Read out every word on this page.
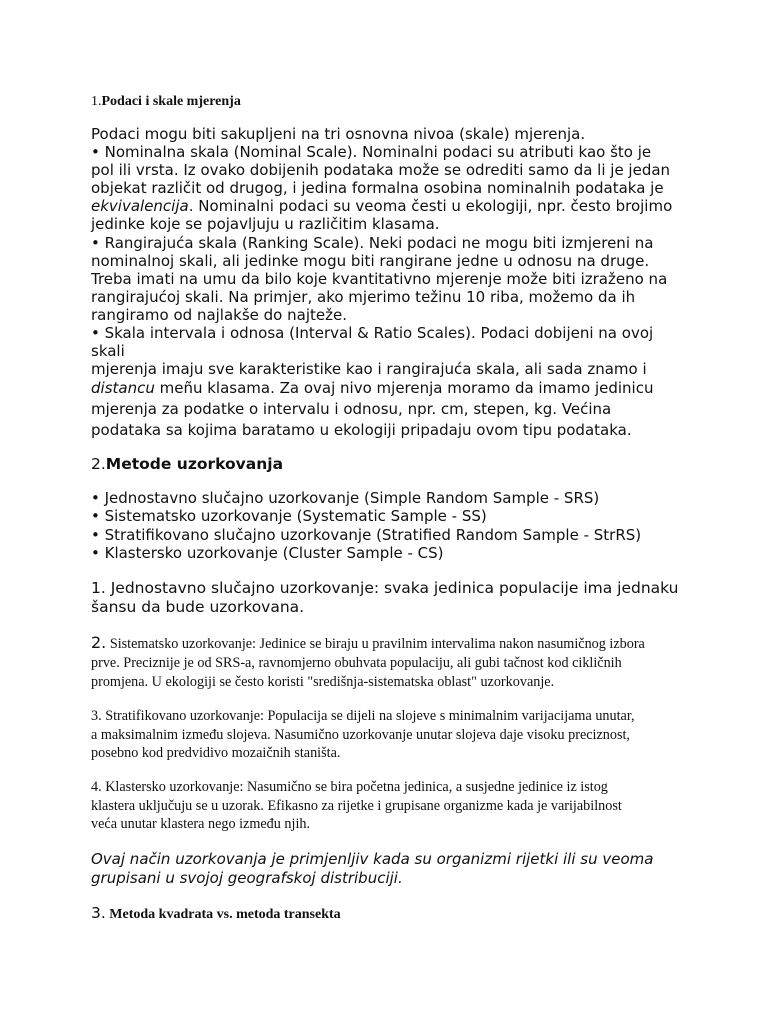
1.Podaci i skale mjerenja

Podaci mogu biti sakupljeni na tri osnovna nivoa (skale) mjerenja.
• Nominalna skala (Nominal Scale). Nominalni podaci su atributi kao što je
pol ili vrsta. Iz ovako dobijenih podataka može se odrediti samo da li je jedan
objekat različit od drugog, i jedina formalna osobina nominalnih podataka je
ekvivalencija. Nominalni podaci su veoma česti u ekologiji, npr. često brojimo
jedinke koje se pojavljuju u različitim klasama.
• Rangirajuća skala (Ranking Scale). Neki podaci ne mogu biti izmjereni na
nominalnoj skali, ali jedinke mogu biti rangirane jedne u odnosu na druge.
Treba imati na umu da bilo koje kvantitativno mjerenje može biti izraženo na
rangirajućoj skali. Na primjer, ako mjerimo težinu 10 riba, možemo da ih
rangiramo od najlakše do najteže.
• Skala intervala i odnosa (Interval & Ratio Scales). Podaci dobijeni na ovoj
skali
mjerenja imaju sve karakteristike kao i rangirajuća skala, ali sada znamo i
distancu meñu klasama. Za ovaj nivo mjerenja moramo da imamo jedinicu
mjerenja za podatke o intervalu i odnosu, npr. cm, stepen, kg. Većina
podataka sa kojima baratamo u ekologiji pripadaju ovom tipu podataka.

2.Metode uzorkovanja

• Jednostavno slučajno uzorkovanje (Simple Random Sample - SRS)
• Sistematsko uzorkovanje (Systematic Sample - SS)
• Stratifikovano slučajno uzorkovanje (Stratified Random Sample - StrRS)
• Klastersko uzorkovanje (Cluster Sample - CS)
1. Jednostavno slučajno uzorkovanje: svaka jedinica populacije ima jednaku
šansu da bude uzorkovana.
2. Sistematsko uzorkovanje: Jedinice se biraju u pravilnim intervalima nakon nasumičnog izbora
prve. Preciznije je od SRS-a, ravnomjerno obuhvata populaciju, ali gubi tačnost kod cikličnih
promjena. U ekologiji se često koristi "središnja-sistematska oblast" uzorkovanje.
3. Stratifikovano uzorkovanje: Populacija se dijeli na slojeve s minimalnim varijacijama unutar,
a maksimalnim između slojeva. Nasumično uzorkovanje unutar slojeva daje visoku preciznost,
posebno kod predvidivo mozaičnih staništa.
4. Klastersko uzorkovanje: Nasumično se bira početna jedinica, a susjedne jedinice iz istog
klastera uključuju se u uzorak. Efikasno za rijetke i grupisane organizme kada je varijabilnost
veća unutar klastera nego između njih.
Ovaj način uzorkovanja je primjenljiv kada su organizmi rijetki ili su veoma
grupisani u svojoj geografskoj distribuciji.

3. Metoda kvadrata vs. metoda transekta
